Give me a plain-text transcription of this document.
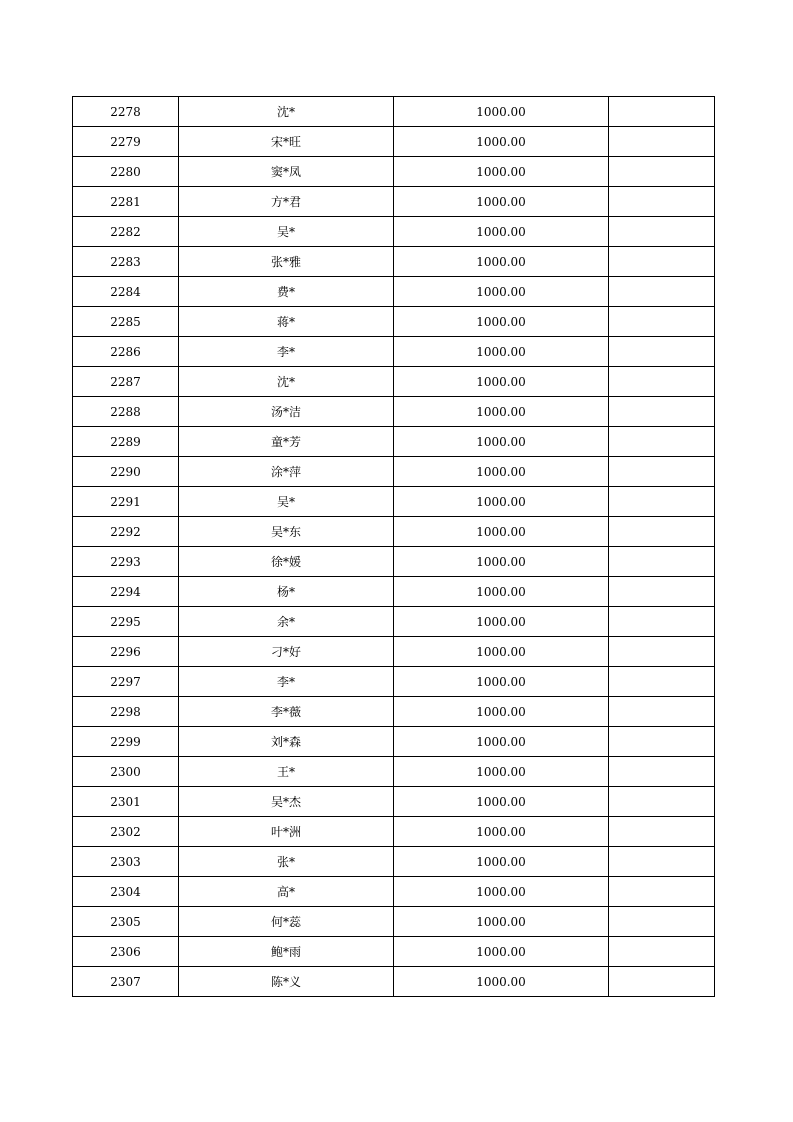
2278	沈*	1000.00	
2279	宋*旺	1000.00	
2280	窦*凤	1000.00	
2281	方*君	1000.00	
2282	吴*	1000.00	
2283	张*雅	1000.00	
2284	费*	1000.00	
2285	蒋*	1000.00	
2286	李*	1000.00	
2287	沈*	1000.00	
2288	汤*洁	1000.00	
2289	童*芳	1000.00	
2290	涂*萍	1000.00	
2291	吴*	1000.00	
2292	吴*东	1000.00	
2293	徐*媛	1000.00	
2294	杨*	1000.00	
2295	余*	1000.00	
2296	刁*好	1000.00	
2297	李*	1000.00	
2298	李*薇	1000.00	
2299	刘*森	1000.00	
2300	王*	1000.00	
2301	吴*杰	1000.00	
2302	叶*洲	1000.00	
2303	张*	1000.00	
2304	高*	1000.00	
2305	何*蕊	1000.00	
2306	鲍*雨	1000.00	
2307	陈*义	1000.00	
